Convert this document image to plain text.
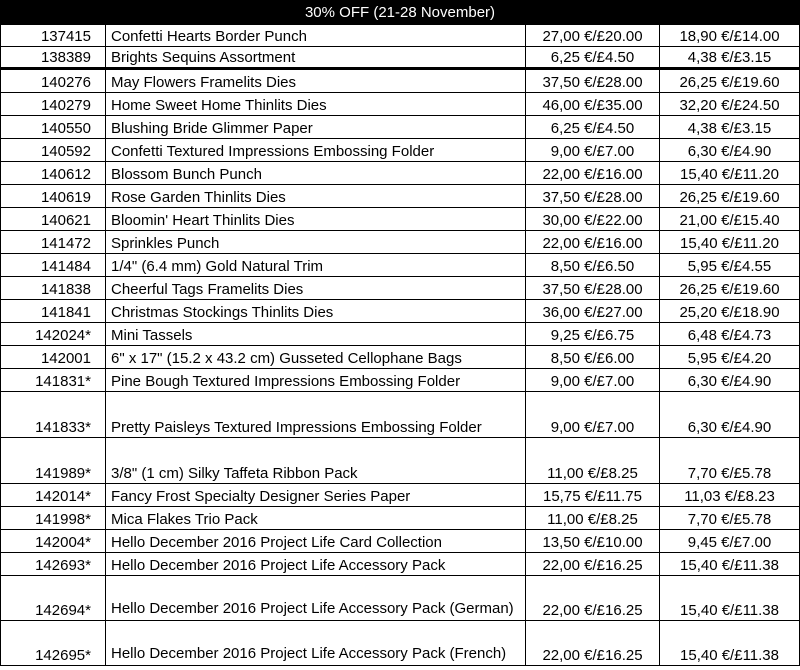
30% OFF (21-28 November)			
137415	Confetti Hearts Border Punch	27,00 €/£20.00	18,90 €/£14.00
138389	Brights Sequins Assortment	6,25 €/£4.50	4,38 €/£3.15
140276	May Flowers Framelits Dies	37,50 €/£28.00	26,25 €/£19.60
140279	Home Sweet Home Thinlits Dies	46,00 €/£35.00	32,20 €/£24.50
140550	Blushing Bride Glimmer Paper	6,25 €/£4.50	4,38 €/£3.15
140592	Confetti Textured Impressions Embossing Folder	9,00 €/£7.00	6,30 €/£4.90
140612	Blossom Bunch Punch	22,00 €/£16.00	15,40 €/£11.20
140619	Rose Garden Thinlits Dies	37,50 €/£28.00	26,25 €/£19.60
140621	Bloomin' Heart Thinlits Dies	30,00 €/£22.00	21,00 €/£15.40
141472	Sprinkles Punch	22,00 €/£16.00	15,40 €/£11.20
141484	1/4" (6.4 mm) Gold Natural Trim	8,50 €/£6.50	5,95 €/£4.55
141838	Cheerful Tags Framelits Dies	37,50 €/£28.00	26,25 €/£19.60
141841	Christmas Stockings Thinlits Dies	36,00 €/£27.00	25,20 €/£18.90
142024*	Mini Tassels	9,25 €/£6.75	6,48 €/£4.73
142001	6" x 17" (15.2 x 43.2 cm) Gusseted Cellophane Bags	8,50 €/£6.00	5,95 €/£4.20
141831*	Pine Bough Textured Impressions Embossing Folder	9,00 €/£7.00	6,30 €/£4.90
141833*	Pretty Paisleys Textured Impressions Embossing Folder	9,00 €/£7.00	6,30 €/£4.90
141989*	3/8" (1 cm) Silky Taffeta Ribbon Pack	11,00 €/£8.25	7,70 €/£5.78
142014*	Fancy Frost Specialty Designer Series Paper	15,75 €/£11.75	11,03 €/£8.23
141998*	Mica Flakes Trio Pack	11,00 €/£8.25	7,70 €/£5.78
142004*	Hello December 2016 Project Life Card Collection	13,50 €/£10.00	9,45 €/£7.00
142693*	Hello December 2016 Project Life Accessory Pack	22,00 €/£16.25	15,40 €/£11.38
142694*	Hello December 2016 Project Life Accessory Pack (German)	22,00 €/£16.25	15,40 €/£11.38
142695*	Hello December 2016 Project Life Accessory Pack (French)	22,00 €/£16.25	15,40 €/£11.38
